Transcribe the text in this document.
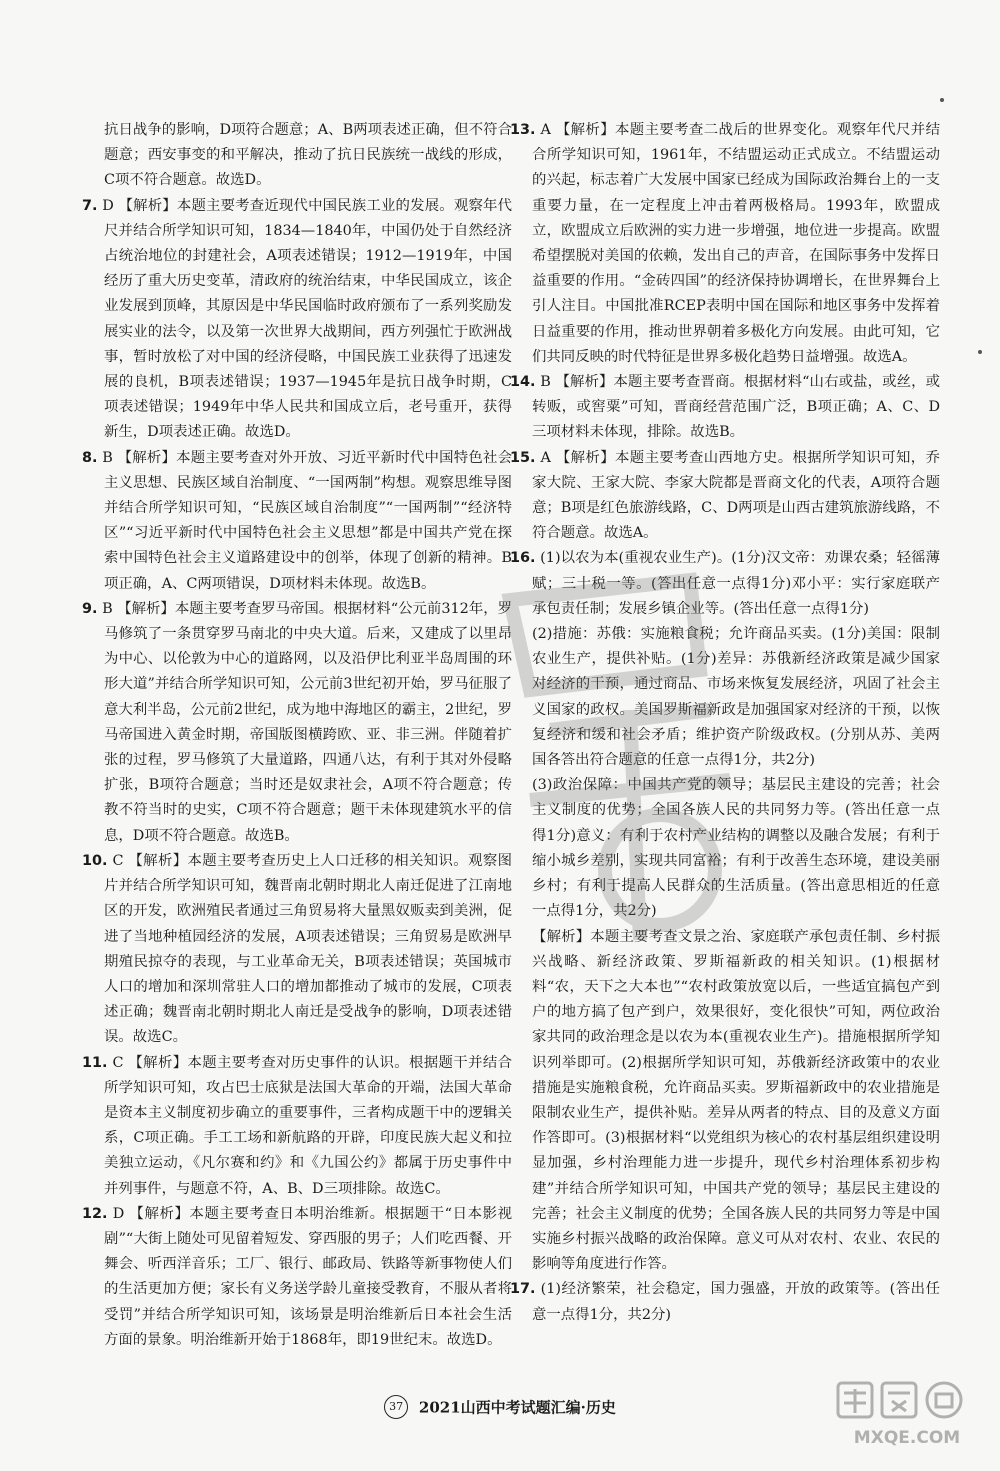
抗日战争的影响，D项符合题意；A、B两项表述正确，但不符合题意；西安事变的和平解决，推动了抗日民族统一战线的形成，C项不符合题意。故选D。

7. D 【解析】本题主要考查近现代中国民族工业的发展。观察年代尺并结合所学知识可知，1834—1840年，中国仍处于自然经济占统治地位的封建社会，A项表述错误；1912—1919年，中国经历了重大历史变革，清政府的统治结束，中华民国成立，该企业发展到顶峰，其原因是中华民国临时政府颁布了一系列奖励发展实业的法令，以及第一次世界大战期间，西方列强忙于欧洲战事，暂时放松了对中国的经济侵略，中国民族工业获得了迅速发展的良机，B项表述错误；1937—1945年是抗日战争时期，C项表述错误；1949年中华人民共和国成立后，老号重开，获得新生，D项表述正确。故选D。

8. B 【解析】本题主要考查对外开放、习近平新时代中国特色社会主义思想、民族区域自治制度、“一国两制”构想。观察思维导图并结合所学知识可知，“民族区域自治制度”“一国两制”“经济特区”“习近平新时代中国特色社会主义思想”都是中国共产党在探索中国特色社会主义道路建设中的创举，体现了创新的精神。B项正确，A、C两项错误，D项材料未体现。故选B。

9. B 【解析】本题主要考查罗马帝国。根据材料“公元前312年，罗马修筑了一条贯穿罗马南北的中央大道。后来，又建成了以里昂为中心、以伦敦为中心的道路网，以及沿伊比利亚半岛周围的环形大道”并结合所学知识可知，公元前3世纪初开始，罗马征服了意大利半岛，公元前2世纪，成为地中海地区的霸主，2世纪，罗马帝国进入黄金时期，帝国版图横跨欧、亚、非三洲。伴随着扩张的过程，罗马修筑了大量道路，四通八达，有利于其对外侵略扩张，B项符合题意；当时还是奴隶社会，A项不符合题意；传教不符当时的史实，C项不符合题意；题干未体现建筑水平的信息，D项不符合题意。故选B。

10. C 【解析】本题主要考查历史上人口迁移的相关知识。观察图片并结合所学知识可知，魏晋南北朝时期北人南迁促进了江南地区的开发，欧洲殖民者通过三角贸易将大量黑奴贩卖到美洲，促进了当地种植园经济的发展，A项表述错误；三角贸易是欧洲早期殖民掠夺的表现，与工业革命无关，B项表述错误；英国城市人口的增加和深圳常驻人口的增加都推动了城市的发展，C项表述正确；魏晋南北朝时期北人南迁是受战争的影响，D项表述错误。故选C。

11. C 【解析】本题主要考查对历史事件的认识。根据题干并结合所学知识可知，攻占巴士底狱是法国大革命的开端，法国大革命是资本主义制度初步确立的重要事件，三者构成题干中的逻辑关系，C项正确。手工工场和新航路的开辟，印度民族大起义和拉美独立运动，《凡尔赛和约》和《九国公约》都属于历史事件中并列事件，与题意不符，A、B、D三项排除。故选C。

12. D 【解析】本题主要考查日本明治维新。根据题干“日本影视剧”“大街上随处可见留着短发、穿西服的男子；人们吃西餐、开舞会、听西洋音乐；工厂、银行、邮政局、铁路等新事物使人们的生活更加方便；家长有义务送学龄儿童接受教育，不服从者将受罚”并结合所学知识可知，该场景是明治维新后日本社会生活方面的景象。明治维新开始于1868年，即19世纪末。故选D。

13. A 【解析】本题主要考查二战后的世界变化。观察年代尺并结合所学知识可知，1961年，不结盟运动正式成立。不结盟运动的兴起，标志着广大发展中国家已经成为国际政治舞台上的一支重要力量，在一定程度上冲击着两极格局。1993年，欧盟成立，欧盟成立后欧洲的实力进一步增强，地位进一步提高。欧盟希望摆脱对美国的依赖，发出自己的声音，在国际事务中发挥日益重要的作用。“金砖四国”的经济保持协调增长，在世界舞台上引人注目。中国批准RCEP表明中国在国际和地区事务中发挥着日益重要的作用，推动世界朝着多极化方向发展。由此可知，它们共同反映的时代特征是世界多极化趋势日益增强。故选A。

14. B 【解析】本题主要考查晋商。根据材料“山右或盐，或丝，或转贩，或窖粟”可知，晋商经营范围广泛，B项正确；A、C、D三项材料未体现，排除。故选B。

15. A 【解析】本题主要考查山西地方史。根据所学知识可知，乔家大院、王家大院、李家大院都是晋商文化的代表，A项符合题意；B项是红色旅游线路，C、D两项是山西古建筑旅游线路，不符合题意。故选A。

16. (1)以农为本(重视农业生产)。(1分)汉文帝：劝课农桑；轻徭薄赋；三十税一等。(答出任意一点得1分)邓小平：实行家庭联产承包责任制；发展乡镇企业等。(答出任意一点得1分)

(2)措施：苏俄：实施粮食税；允许商品买卖。(1分)美国：限制农业生产，提供补贴。(1分)差异：苏俄新经济政策是减少国家对经济的干预，通过商品、市场来恢复发展经济，巩固了社会主义国家的政权。美国罗斯福新政是加强国家对经济的干预，以恢复经济和缓和社会矛盾；维护资产阶级政权。(分别从苏、美两国各答出符合题意的任意一点得1分，共2分)

(3)政治保障：中国共产党的领导；基层民主建设的完善；社会主义制度的优势；全国各族人民的共同努力等。(答出任意一点得1分)意义：有利于农村产业结构的调整以及融合发展；有利于缩小城乡差别，实现共同富裕；有利于改善生态环境，建设美丽乡村；有利于提高人民群众的生活质量。(答出意思相近的任意一点得1分，共2分)

【解析】本题主要考查文景之治、家庭联产承包责任制、乡村振兴战略、新经济政策、罗斯福新政的相关知识。(1)根据材料“农，天下之大本也”“农村政策放宽以后，一些适宜搞包产到户的地方搞了包产到户，效果很好，变化很快”可知，两位政治家共同的政治理念是以农为本(重视农业生产)。措施根据所学知识列举即可。(2)根据所学知识可知，苏俄新经济政策中的农业措施是实施粮食税，允许商品买卖。罗斯福新政中的农业措施是限制农业生产，提供补贴。差异从两者的特点、目的及意义方面作答即可。(3)根据材料“以党组织为核心的农村基层组织建设明显加强，乡村治理能力进一步提升，现代乡村治理体系初步构建”并结合所学知识可知，中国共产党的领导；基层民主建设的完善；社会主义制度的优势；全国各族人民的共同努力等是中国实施乡村振兴战略的政治保障。意义可从对农村、农业、农民的影响等角度进行作答。

17. (1)经济繁荣，社会稳定，国力强盛，开放的政策等。(答出任意一点得1分，共2分)

37 2021山西中考试题汇编·历史
MXQE.COM
